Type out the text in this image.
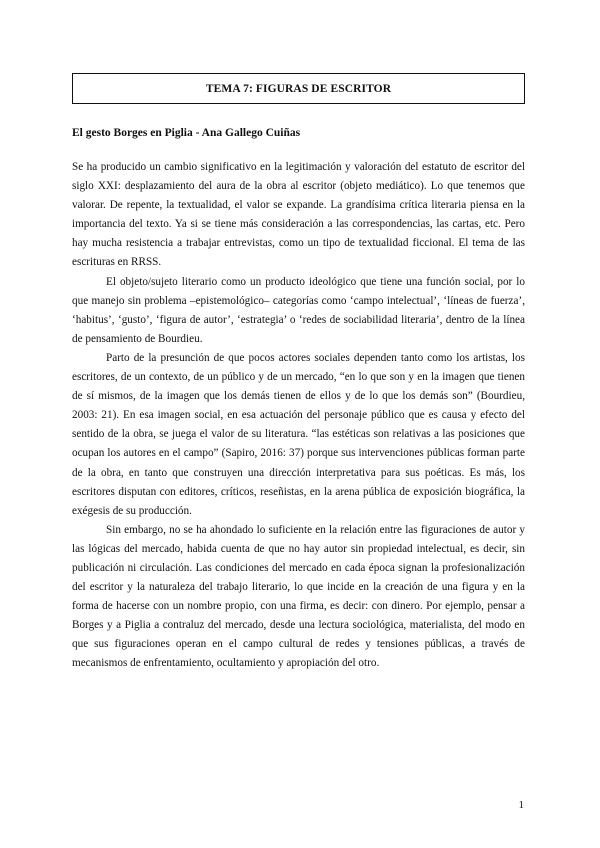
TEMA 7: FIGURAS DE ESCRITOR
El gesto Borges en Piglia - Ana Gallego Cuiñas

Se ha producido un cambio significativo en la legitimación y valoración del estatuto de escritor del siglo XXI: desplazamiento del aura de la obra al escritor (objeto mediático). Lo que tenemos que valorar. De repente, la textualidad, el valor se expande. La grandísima crítica literaria piensa en la importancia del texto. Ya si se tiene más consideración a las correspondencias, las cartas, etc. Pero hay mucha resistencia a trabajar entrevistas, como un tipo de textualidad ficcional. El tema de las escrituras en RRSS.

El objeto/sujeto literario como un producto ideológico que tiene una función social, por lo que manejo sin problema –epistemológico– categorías como ‘campo intelectual’, ‘líneas de fuerza’, ‘habitus’, ‘gusto’, ‘figura de autor’, ‘estrategia’ o ‘redes de sociabilidad literaria’, dentro de la línea de pensamiento de Bourdieu.

Parto de la presunción de que pocos actores sociales dependen tanto como los artistas, los escritores, de un contexto, de un público y de un mercado, “en lo que son y en la imagen que tienen de sí mismos, de la imagen que los demás tienen de ellos y de lo que los demás son” (Bourdieu, 2003: 21). En esa imagen social, en esa actuación del personaje público que es causa y efecto del sentido de la obra, se juega el valor de su literatura. “las estéticas son relativas a las posiciones que ocupan los autores en el campo” (Sapiro, 2016: 37) porque sus intervenciones públicas forman parte de la obra, en tanto que construyen una dirección interpretativa para sus poéticas. Es más, los escritores disputan con editores, críticos, reseñistas, en la arena pública de exposición biográfica, la exégesis de su producción.

Sin embargo, no se ha ahondado lo suficiente en la relación entre las figuraciones de autor y las lógicas del mercado, habida cuenta de que no hay autor sin propiedad intelectual, es decir, sin publicación ni circulación. Las condiciones del mercado en cada época signan la profesionalización del escritor y la naturaleza del trabajo literario, lo que incide en la creación de una figura y en la forma de hacerse con un nombre propio, con una firma, es decir: con dinero. Por ejemplo, pensar a Borges y a Piglia a contraluz del mercado, desde una lectura sociológica, materialista, del modo en que sus figuraciones operan en el campo cultural de redes y tensiones públicas, a través de mecanismos de enfrentamiento, ocultamiento y apropiación del otro.

1
